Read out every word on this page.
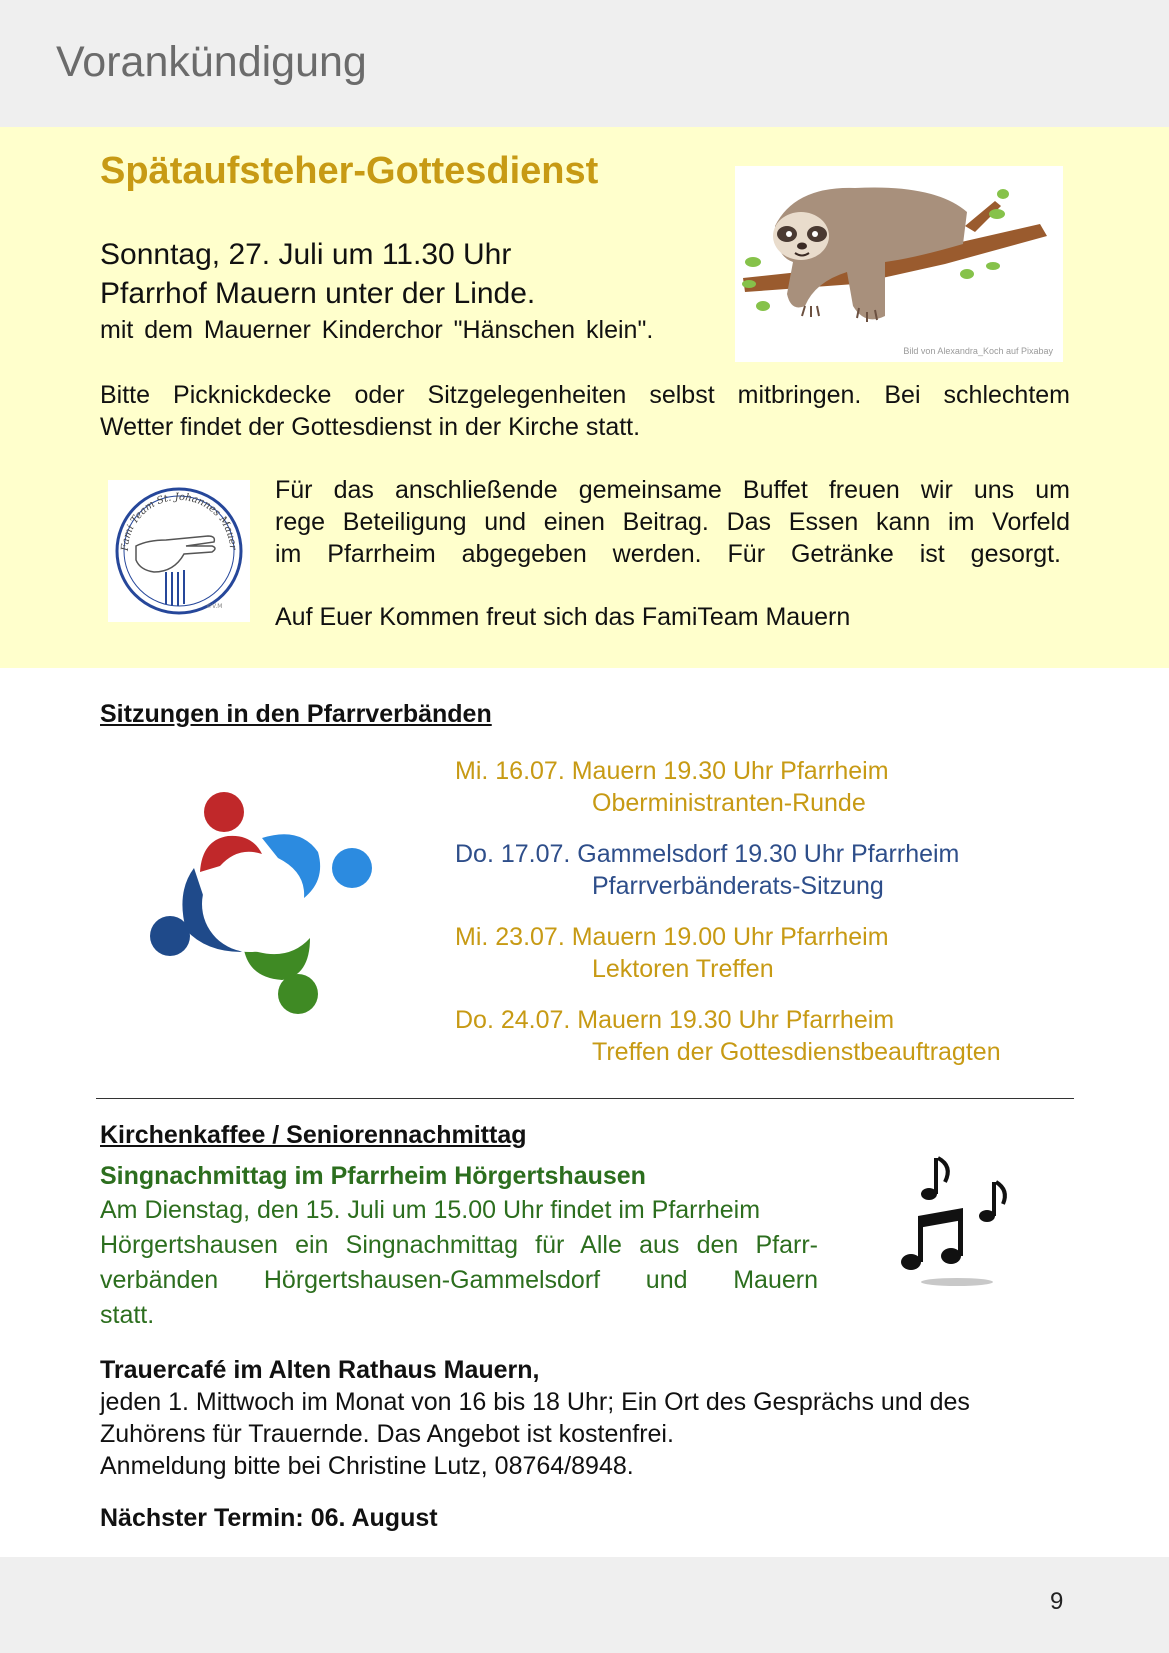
Vorankündigung
Spätaufsteher-Gottesdienst
Sonntag, 27. Juli um 11.30 Uhr
Pfarrhof Mauern unter der Linde.
mit dem Mauerner Kinderchor "Hänschen klein".
Bitte Picknickdecke oder Sitzgelegenheiten selbst mitbringen. Bei schlechtem
Wetter findet der Gottesdienst in der Kirche statt.
Für das anschließende gemeinsame Buffet freuen wir uns um
rege Beteiligung und einen Beitrag. Das Essen kann im Vorfeld
im Pfarrheim abgegeben werden. Für Getränke ist gesorgt.
Auf Euer Kommen freut sich das FamiTeam Mauern
Bild von Alexandra_Koch auf Pixabay
Fami Team St. Johannes Mauer
©V.M
Sitzungen in den Pfarrverbänden
Mi. 16.07. Mauern 19.30 Uhr Pfarrheim
Oberministranten-Runde
Do. 17.07. Gammelsdorf 19.30 Uhr Pfarrheim
Pfarrverbänderats-Sitzung
Mi. 23.07. Mauern 19.00 Uhr Pfarrheim
Lektoren Treffen
Do. 24.07. Mauern 19.30 Uhr Pfarrheim
Treffen der Gottesdienstbeauftragten
Kirchenkaffee / Seniorennachmittag
Singnachmittag im Pfarrheim Hörgertshausen
Am Dienstag, den 15. Juli um 15.00 Uhr findet im Pfarrheim
Hörgertshausen ein Singnachmittag für Alle aus den Pfarr-
verbänden Hörgertshausen-Gammelsdorf und Mauern
statt.
Trauercafé im Alten Rathaus Mauern,
jeden 1. Mittwoch im Monat von 16 bis 18 Uhr; Ein Ort des Gesprächs und des
Zuhörens für Trauernde. Das Angebot ist kostenfrei.
Anmeldung bitte bei Christine Lutz, 08764/8948.
Nächster Termin: 06. August
9
